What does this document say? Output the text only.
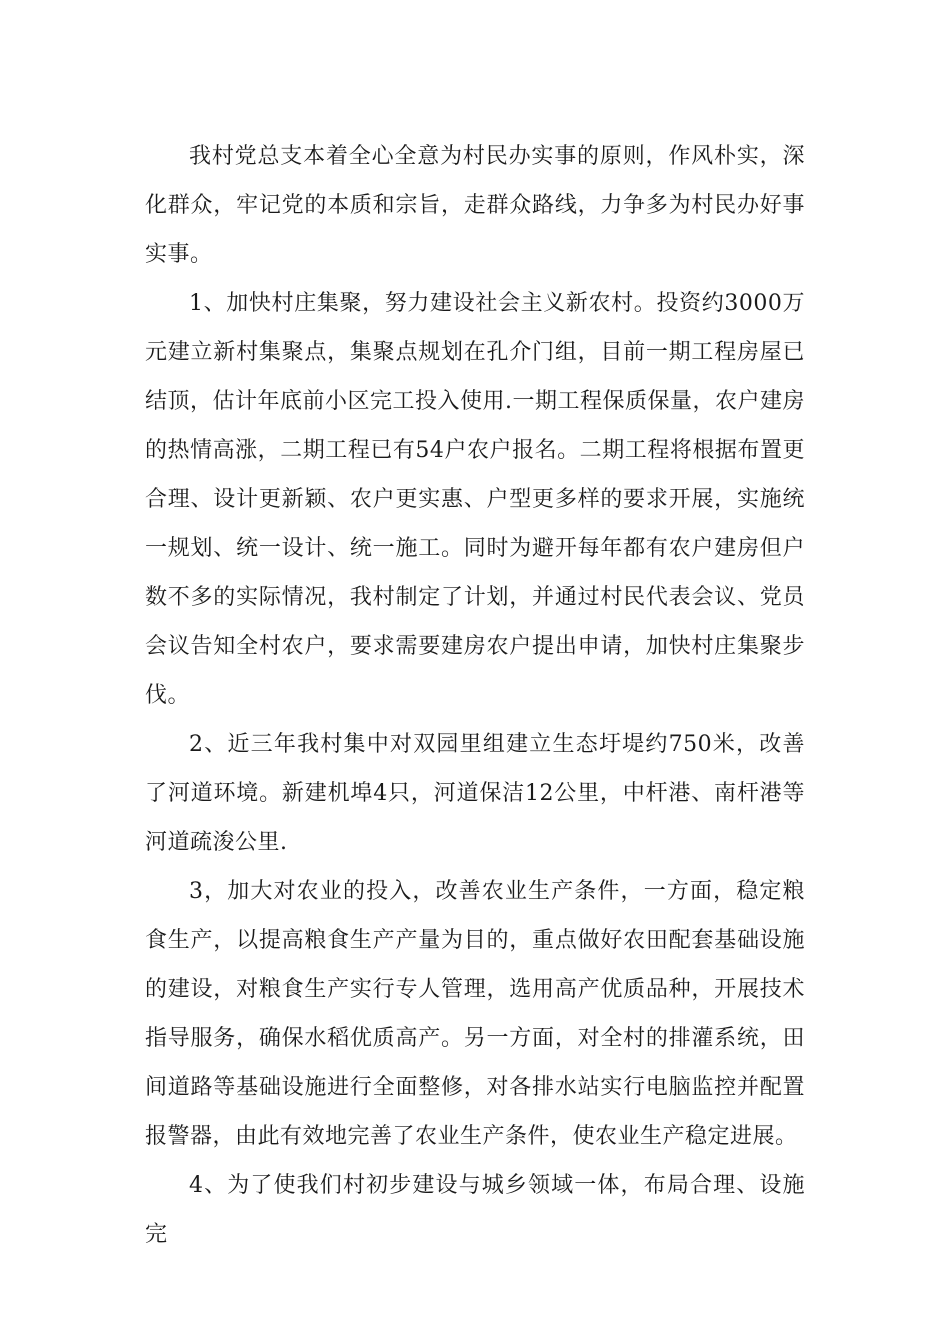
我村党总支本着全心全意为村民办实事的原则，作风朴实，深化群众，牢记党的本质和宗旨，走群众路线，力争多为村民办好事实事。

1、加快村庄集聚，努力建设社会主义新农村。投资约3000万元建立新村集聚点，集聚点规划在孔介门组，目前一期工程房屋已结顶，估计年底前小区完工投入使用.一期工程保质保量，农户建房的热情高涨，二期工程已有54户农户报名。二期工程将根据布置更合理、设计更新颖、农户更实惠、户型更多样的要求开展，实施统一规划、统一设计、统一施工。同时为避开每年都有农户建房但户数不多的实际情况，我村制定了计划，并通过村民代表会议、党员会议告知全村农户，要求需要建房农户提出申请，加快村庄集聚步伐。

2、近三年我村集中对双园里组建立生态圩堤约750米，改善了河道环境。新建机埠4只，河道保洁12公里，中杆港、南杆港等河道疏浚公里.

3，加大对农业的投入，改善农业生产条件，一方面，稳定粮食生产，以提高粮食生产产量为目的，重点做好农田配套基础设施的建设，对粮食生产实行专人管理，选用高产优质品种，开展技术指导服务，确保水稻优质高产。另一方面，对全村的排灌系统，田间道路等基础设施进行全面整修，对各排水站实行电脑监控并配置报警器，由此有效地完善了农业生产条件，使农业生产稳定进展。

4、为了使我们村初步建设与城乡领域一体，布局合理、设施完
